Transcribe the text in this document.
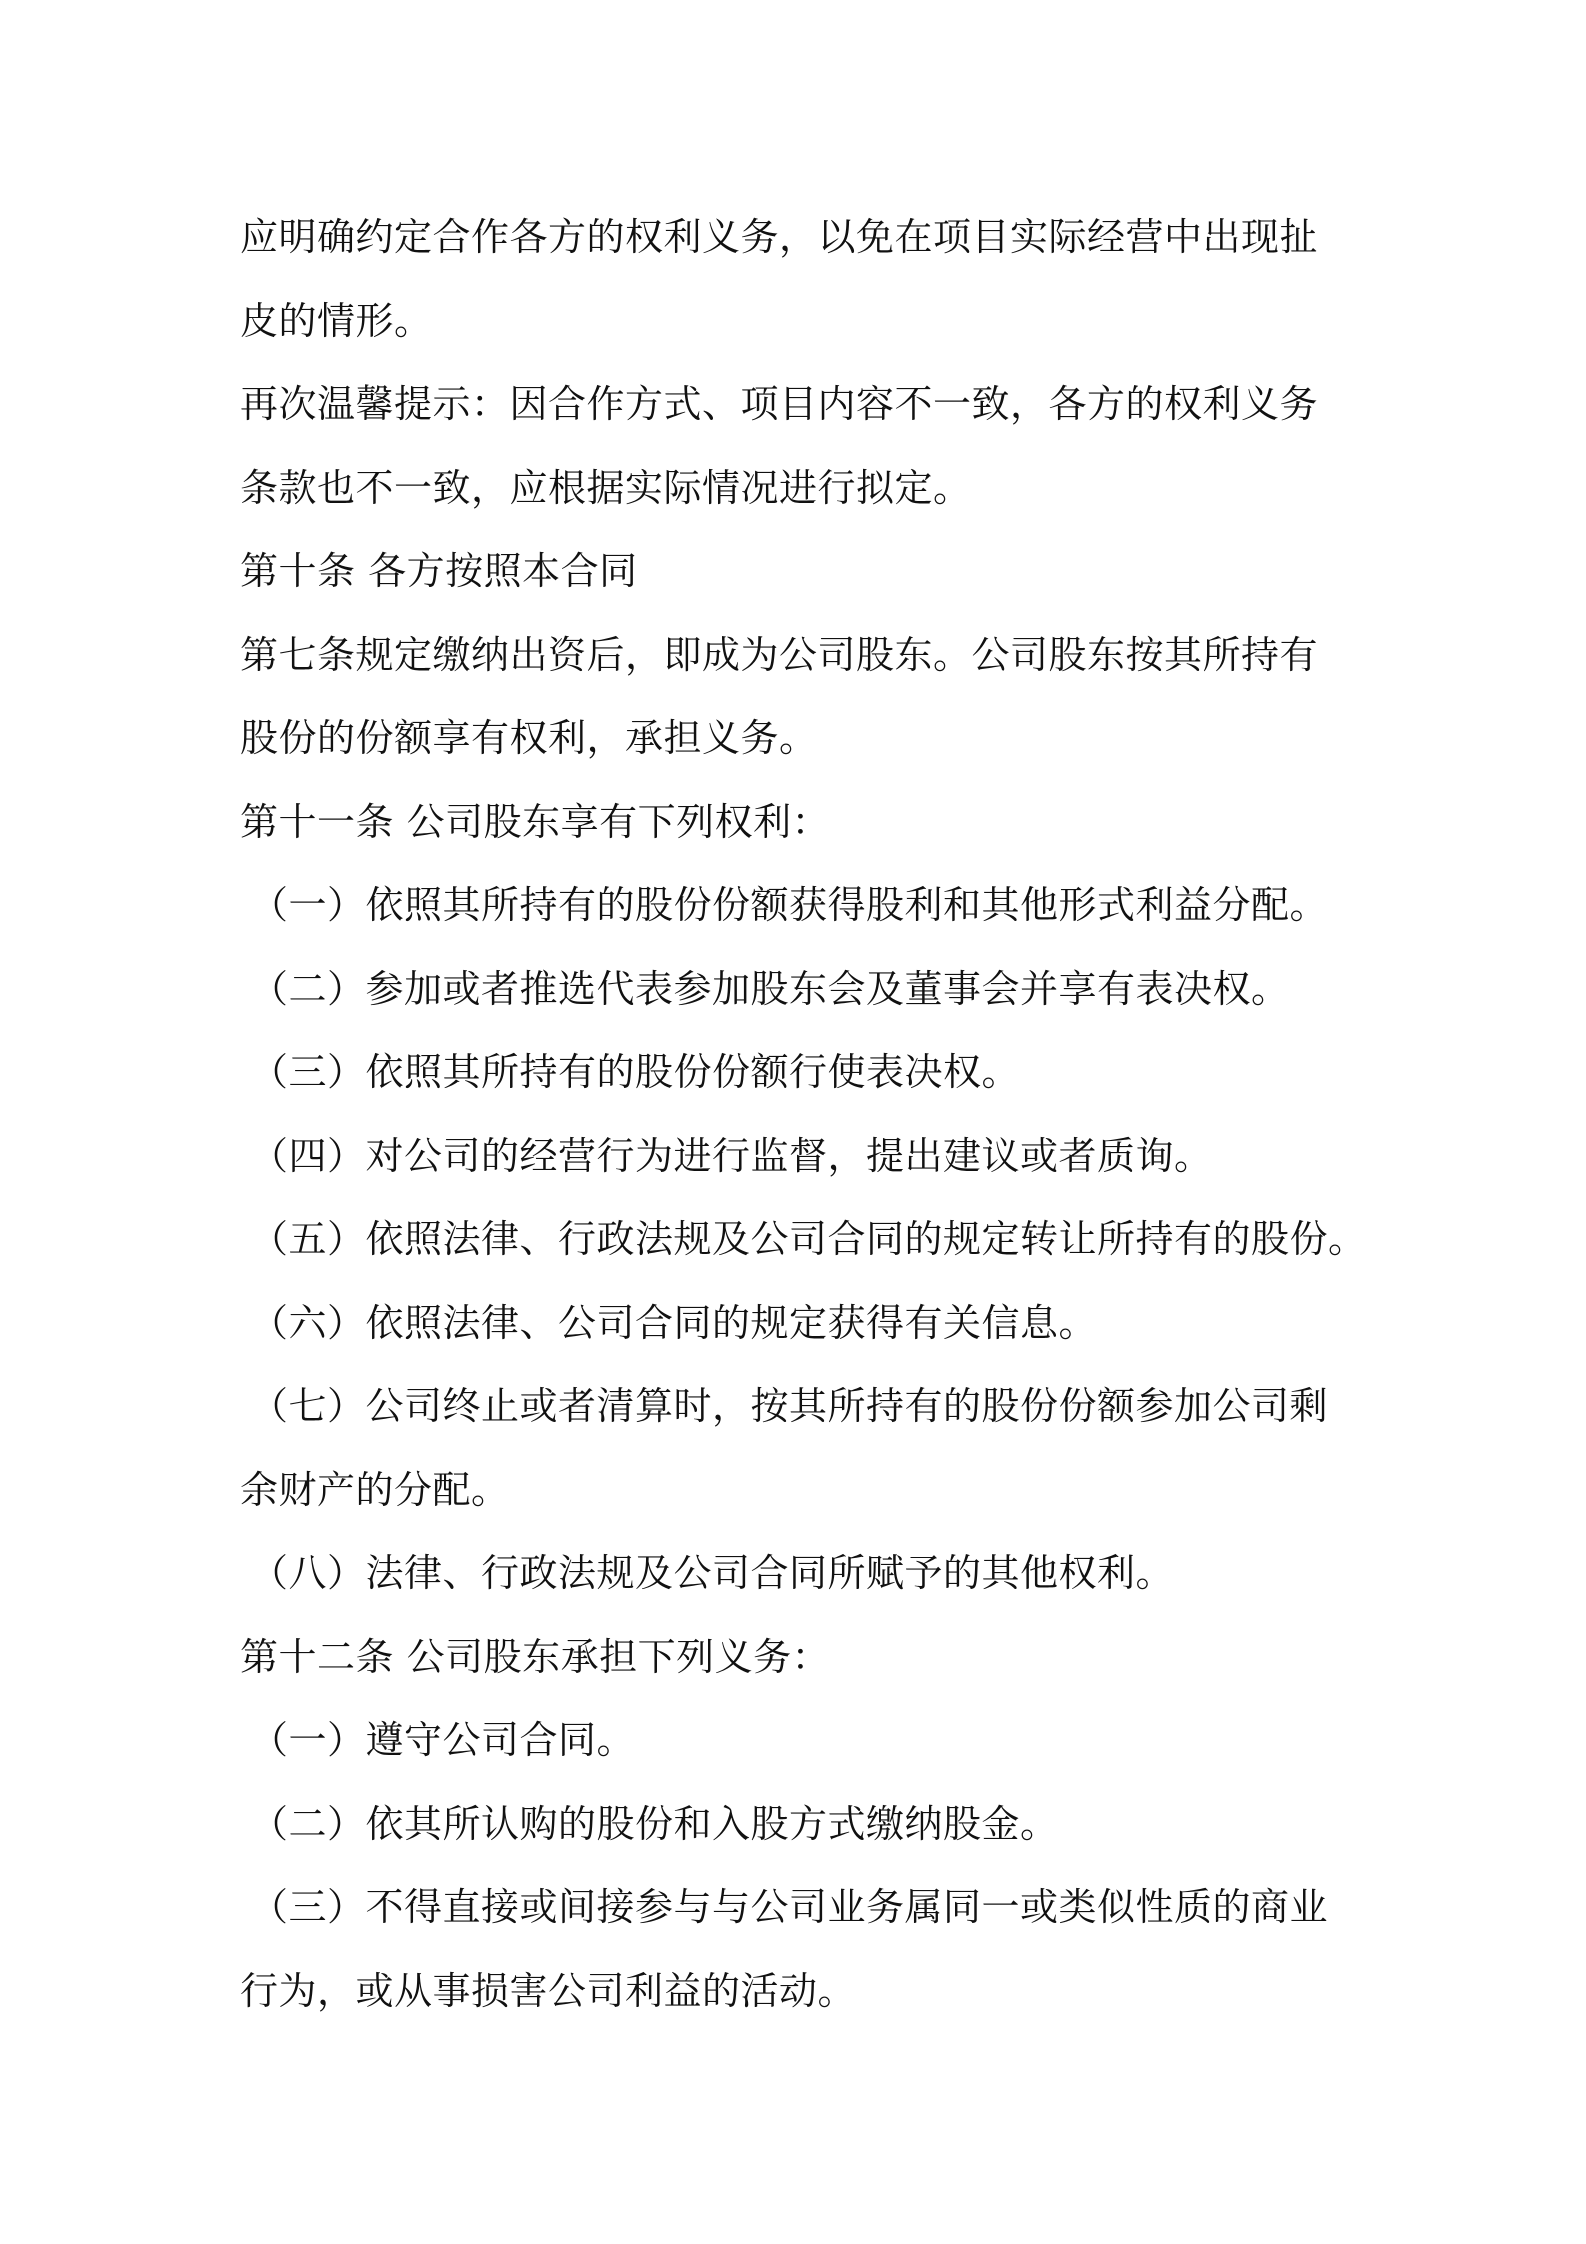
应明确约定合作各方的权利义务，以免在项目实际经营中出现扯
皮的情形。
再次温馨提示：因合作方式、项目内容不一致，各方的权利义务
条款也不一致，应根据实际情况进行拟定。
第十条 各方按照本合同
第七条规定缴纳出资后，即成为公司股东。公司股东按其所持有
股份的份额享有权利，承担义务。
第十一条 公司股东享有下列权利：
（一）依照其所持有的股份份额获得股利和其他形式利益分配。
（二）参加或者推选代表参加股东会及董事会并享有表决权。
（三）依照其所持有的股份份额行使表决权。
（四）对公司的经营行为进行监督，提出建议或者质询。
（五）依照法律、行政法规及公司合同的规定转让所持有的股份。
（六）依照法律、公司合同的规定获得有关信息。
（七）公司终止或者清算时，按其所持有的股份份额参加公司剩
余财产的分配。
（八）法律、行政法规及公司合同所赋予的其他权利。
第十二条 公司股东承担下列义务：
（一）遵守公司合同。
（二）依其所认购的股份和入股方式缴纳股金。
（三）不得直接或间接参与与公司业务属同一或类似性质的商业
行为，或从事损害公司利益的活动。
